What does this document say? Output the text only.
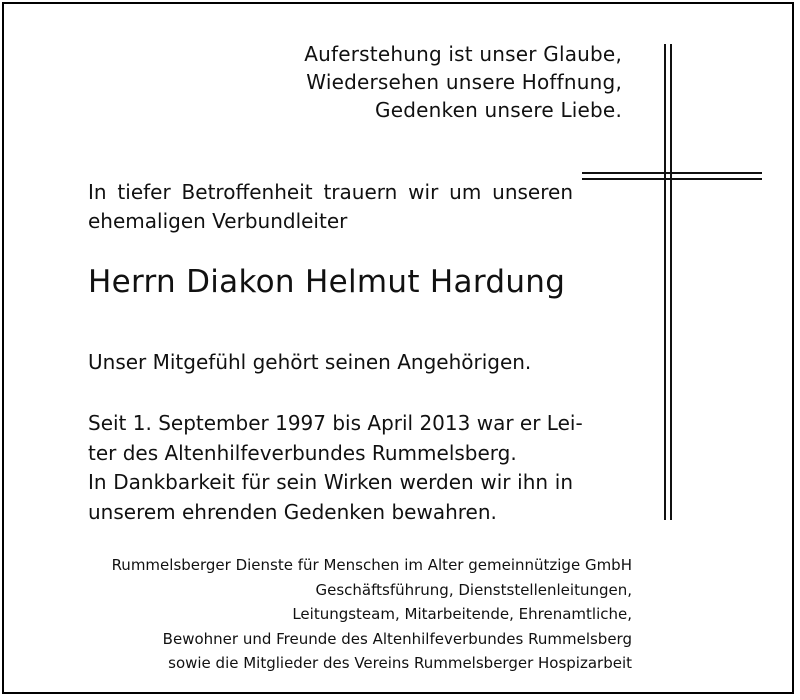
Auferstehung ist unser Glaube,
Wiedersehen unsere Hoffnung,
Gedenken unsere Liebe.
In tiefer Betroffenheit trauern wir um unseren
ehemaligen Verbundleiter
Herrn Diakon Helmut Hardung
Unser Mitgefühl gehört seinen Angehörigen.
Seit 1. September 1997 bis April 2013 war er Lei-
ter des Altenhilfeverbundes Rummelsberg.
In Dankbarkeit für sein Wirken werden wir ihn in
unserem ehrenden Gedenken bewahren.
Rummelsberger Dienste für Menschen im Alter gemeinnützige GmbH
Geschäftsführung, Dienststellenleitungen,
Leitungsteam, Mitarbeitende, Ehrenamtliche,
Bewohner und Freunde des Altenhilfeverbundes Rummelsberg
sowie die Mitglieder des Vereins Rummelsberger Hospizarbeit
